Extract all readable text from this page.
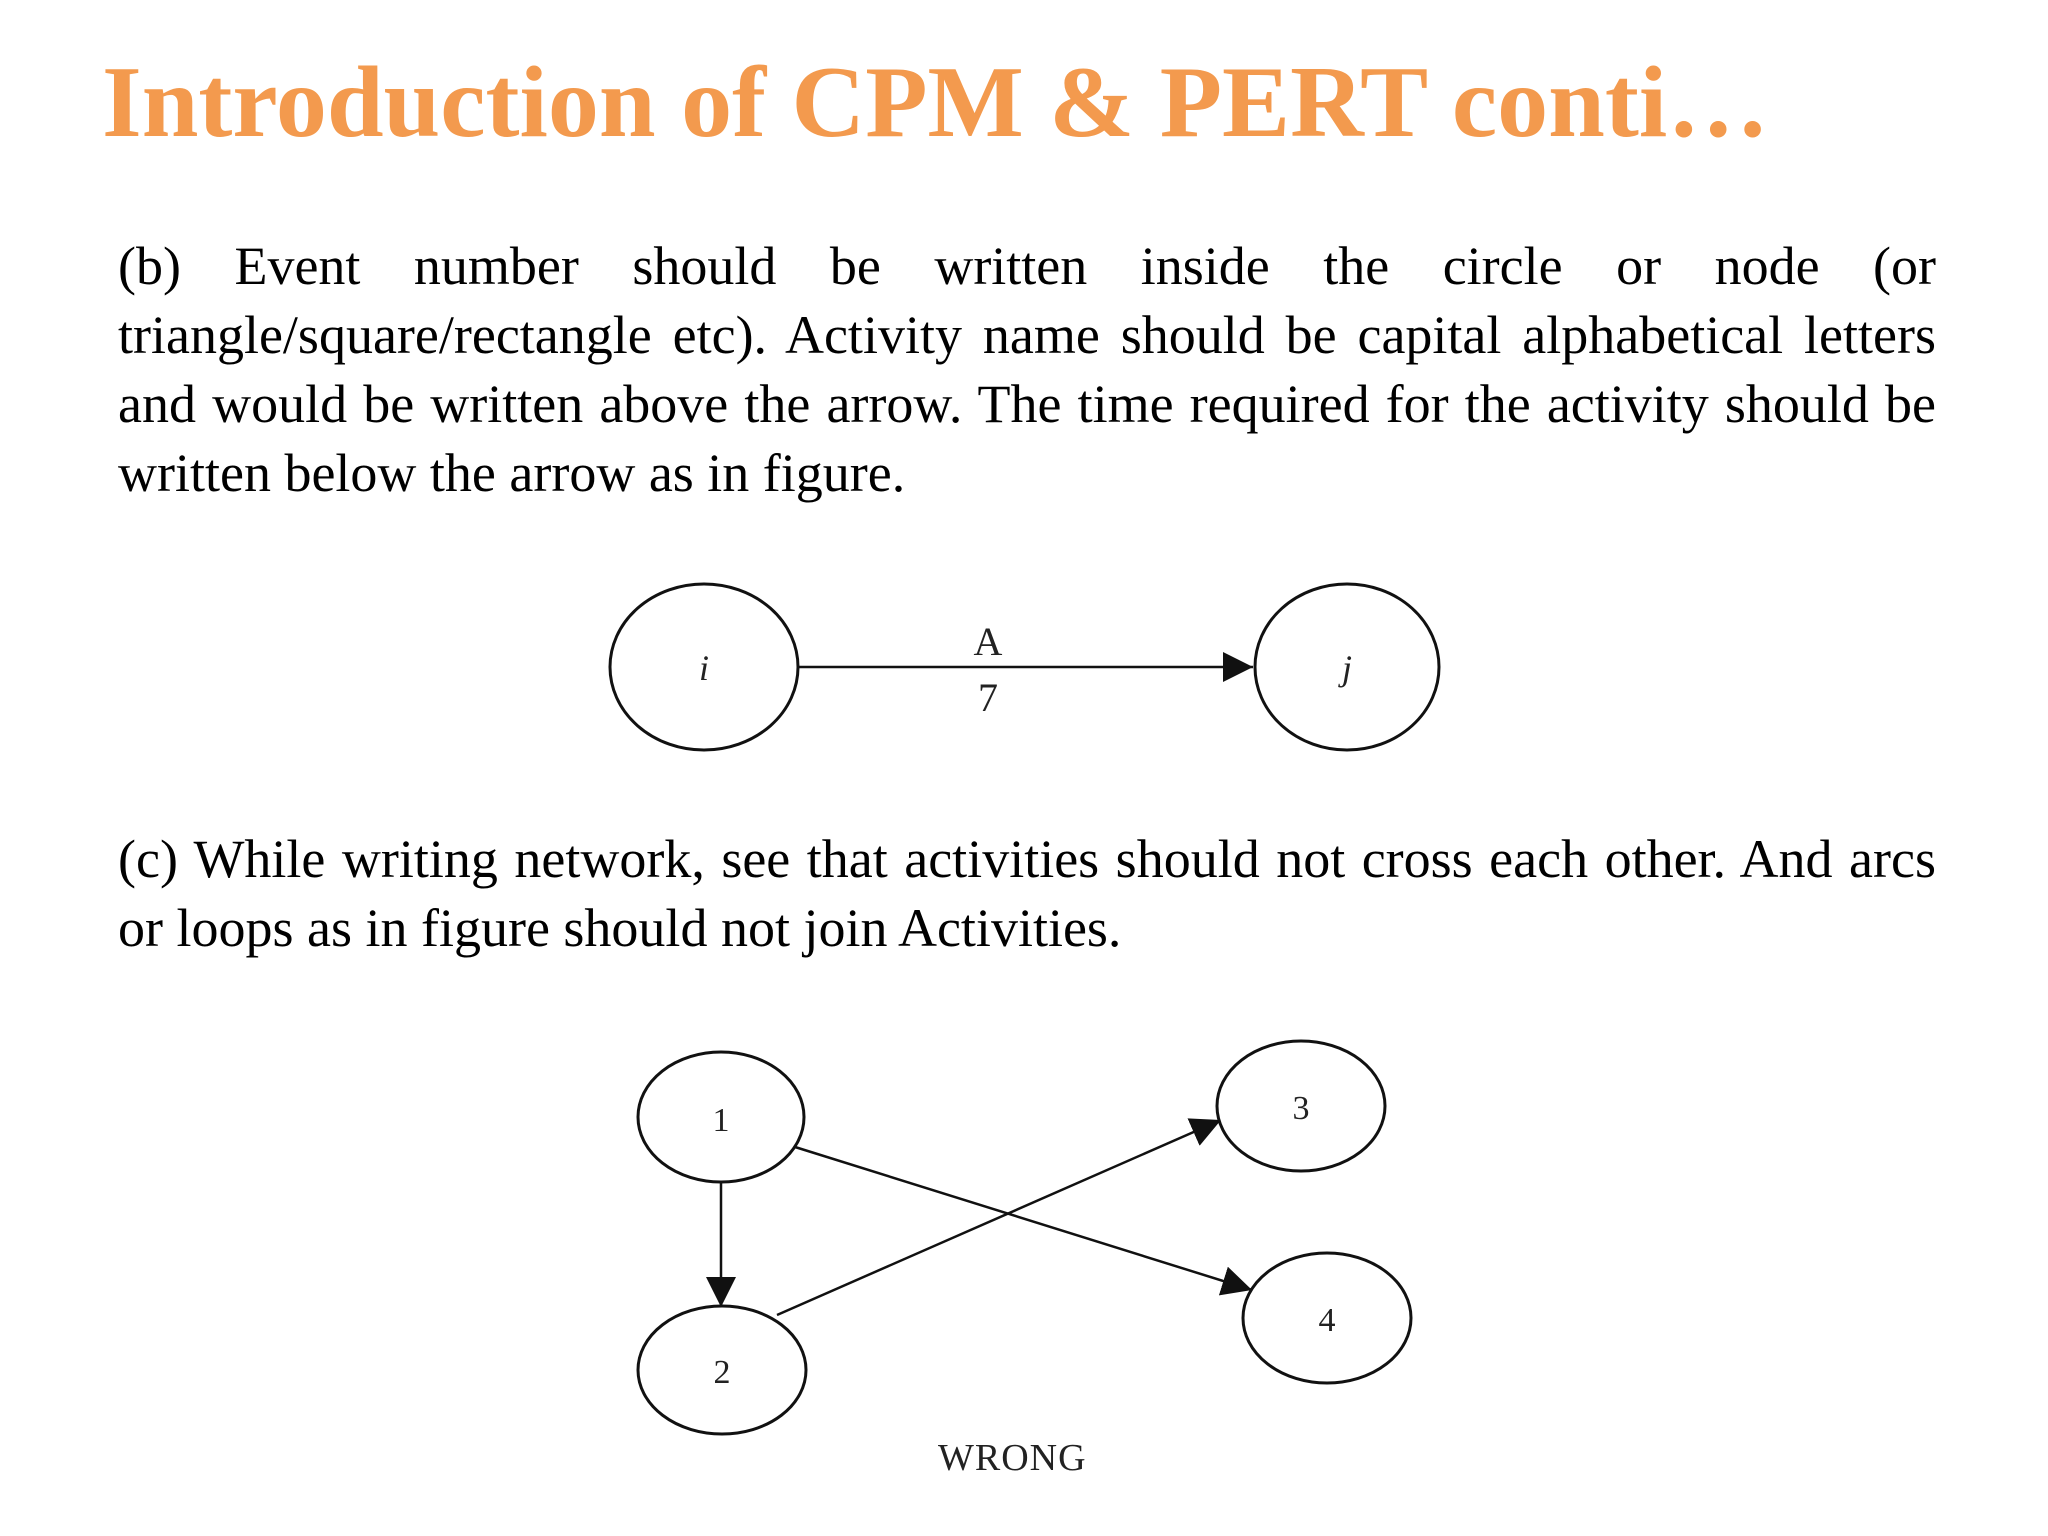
Introduction of CPM & PERT conti…

(b) Event number should be written inside the circle or node (or triangle/square/rectangle etc). Activity name should be capital alphabetical letters and would be written above the arrow. The time required for the activity should be written below the arrow as in figure.

i	j
A
7
1
2
3
4

(c) While writing network, see that activities should not cross each other. And arcs or loops as in figure should not join Activities.

WRONG
